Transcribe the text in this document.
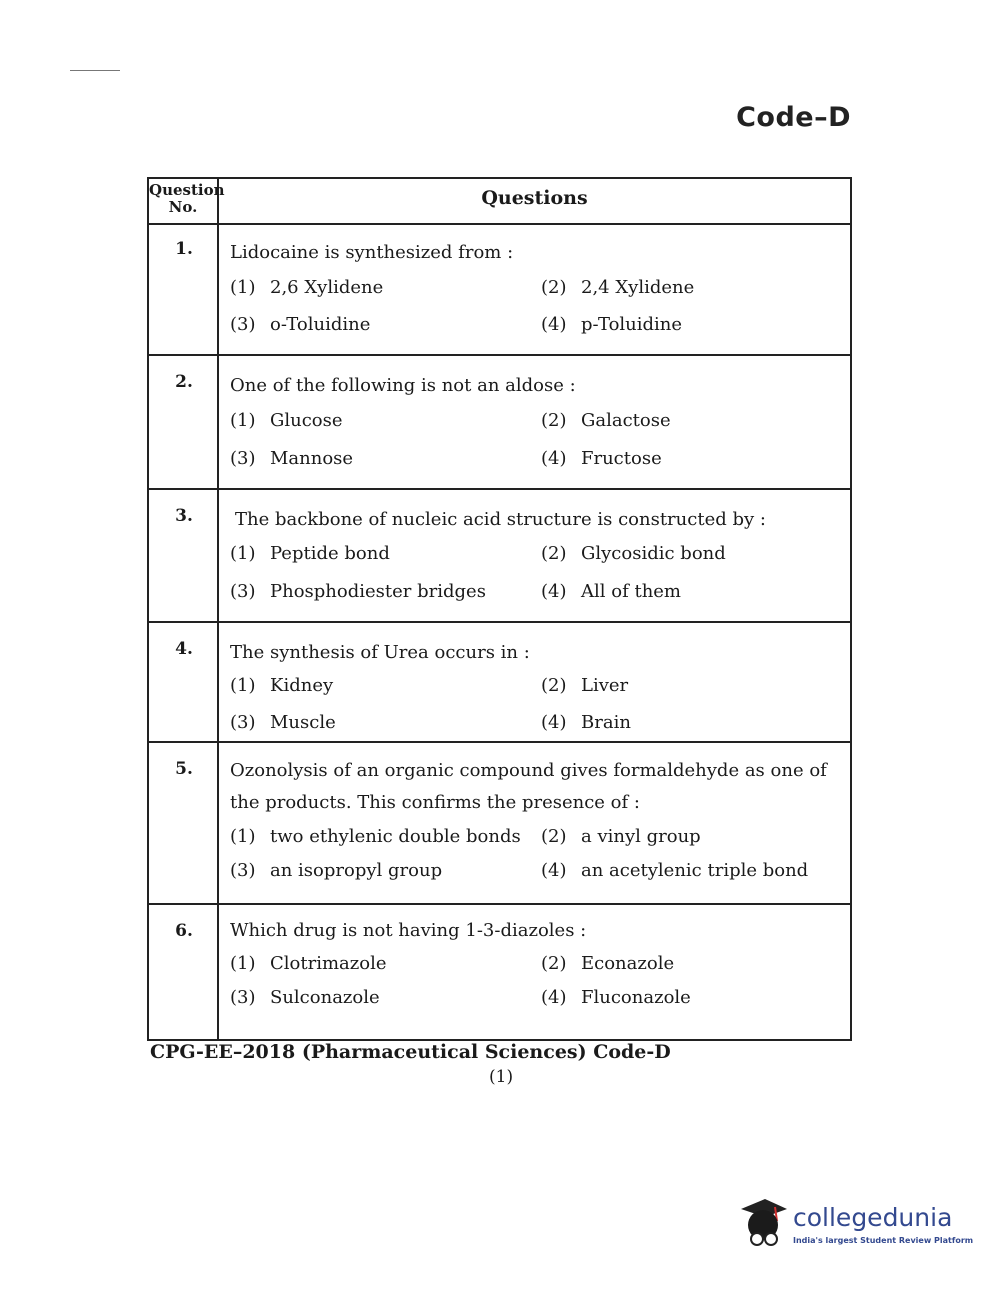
Code–D
Question No.	Questions
1.	Lidocaine is synthesized from :
(1) 2,6 Xylidene	(2) 2,4 Xylidene
(3) o-Toluidine	(4) p-Toluidine
2.	One of the following is not an aldose :
(1) Glucose	(2) Galactose
(3) Mannose	(4) Fructose
3.	The backbone of nucleic acid structure is constructed by :
(1) Peptide bond	(2) Glycosidic bond
(3) Phosphodiester bridges	(4) All of them
4.	The synthesis of Urea occurs in :
(1) Kidney	(2) Liver
(3) Muscle	(4) Brain
5.	Ozonolysis of an organic compound gives formaldehyde as one of the products. This confirms the presence of :
(1) two ethylenic double bonds (2) a vinyl group
(3) an isopropyl group	(4) an acetylenic triple bond
6.	Which drug is not having 1-3-diazoles :
(1) Clotrimazole	(2) Econazole
(3) Sulconazole	(4) Fluconazole
CPG-EE–2018 (Pharmaceutical Sciences) Code-D
(1)
collegedunia
India's largest Student Review Platform
